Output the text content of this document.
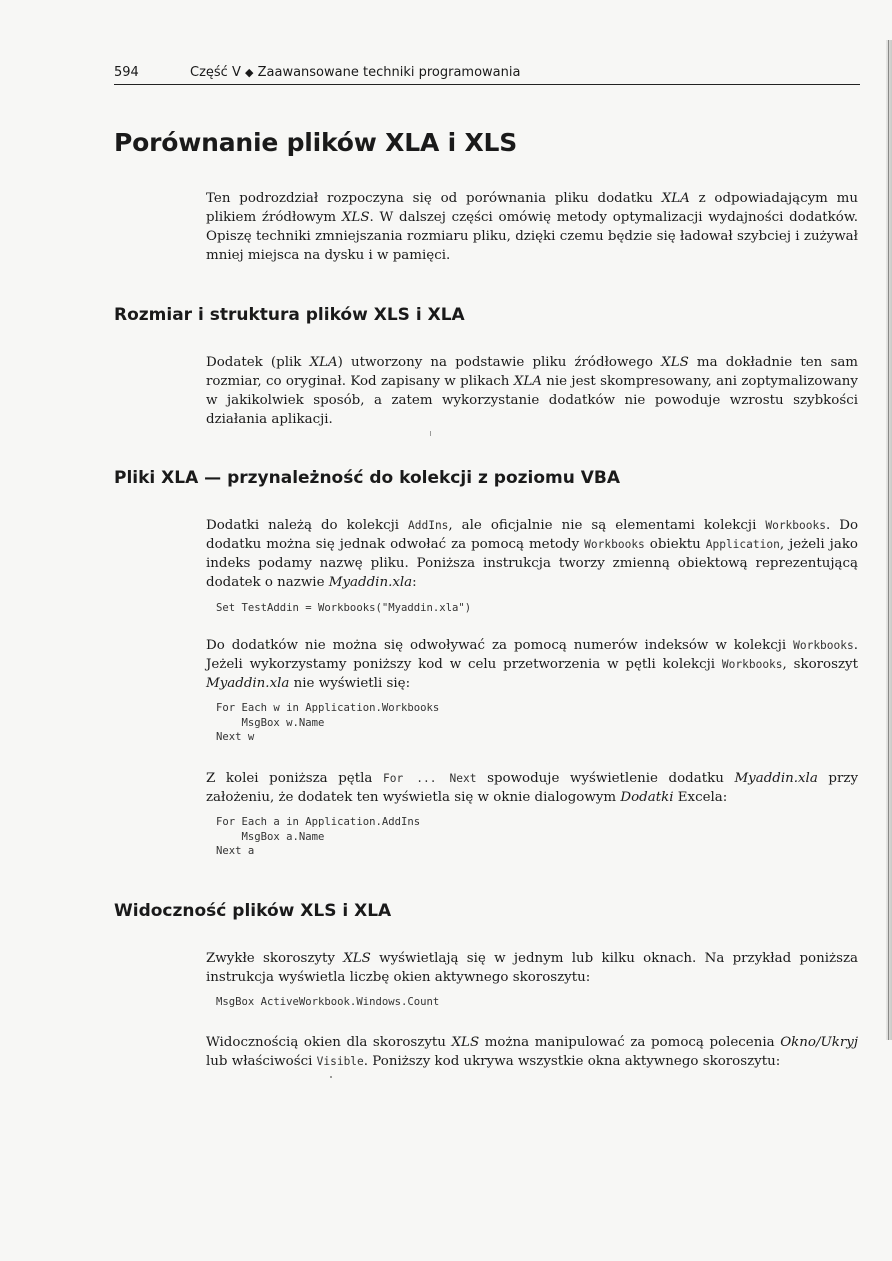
594	Część V ◆ Zaawansowane techniki programowania
Porównanie plików XLA i XLS

Ten podrozdział rozpoczyna się od porównania pliku dodatku XLA z odpowiadającym mu plikiem źródłowym XLS. W dalszej części omówię metody optymalizacji wydajności dodatków. Opiszę techniki zmniejszania rozmiaru pliku, dzięki czemu będzie się ładował szybciej i zużywał mniej miejsca na dysku i w pamięci.

Rozmiar i struktura plików XLS i XLA

Dodatek (plik XLA) utworzony na podstawie pliku źródłowego XLS ma dokładnie ten sam rozmiar, co oryginał. Kod zapisany w plikach XLA nie jest skompresowany, ani zoptymalizowany w jakikolwiek sposób, a zatem wykorzystanie dodatków nie powoduje wzrostu szybkości działania aplikacji.

Pliki XLA — przynależność do kolekcji z poziomu VBA

Dodatki należą do kolekcji AddIns, ale oficjalnie nie są elementami kolekcji Workbooks. Do dodatku można się jednak odwołać za pomocą metody Workbooks obiektu Application, jeżeli jako indeks podamy nazwę pliku. Poniższa instrukcja tworzy zmienną obiektową reprezentującą dodatek o nazwie Myaddin.xla:

Set TestAddin = Workbooks("Myaddin.xla")

Do dodatków nie można się odwoływać za pomocą numerów indeksów w kolekcji Workbooks. Jeżeli wykorzystamy poniższy kod w celu przetworzenia w pętli kolekcji Workbooks, skoroszyt Myaddin.xla nie wyświetli się:

For Each w in Application.Workbooks
MsgBox w.Name
Next w

Z kolei poniższa pętla For ... Next spowoduje wyświetlenie dodatku Myaddin.xla przy założeniu, że dodatek ten wyświetla się w oknie dialogowym Dodatki Excela:

For Each a in Application.AddIns
MsgBox a.Name
Next a
Widoczność plików XLS i XLA

Zwykłe skoroszyty XLS wyświetlają się w jednym lub kilku oknach. Na przykład poniższa instrukcja wyświetla liczbę okien aktywnego skoroszytu:

MsgBox ActiveWorkbook.Windows.Count

Widocznością okien dla skoroszytu XLS można manipulować za pomocą polecenia Okno/Ukryj lub właściwości Visible. Poniższy kod ukrywa wszystkie okna aktywnego skoroszytu:
